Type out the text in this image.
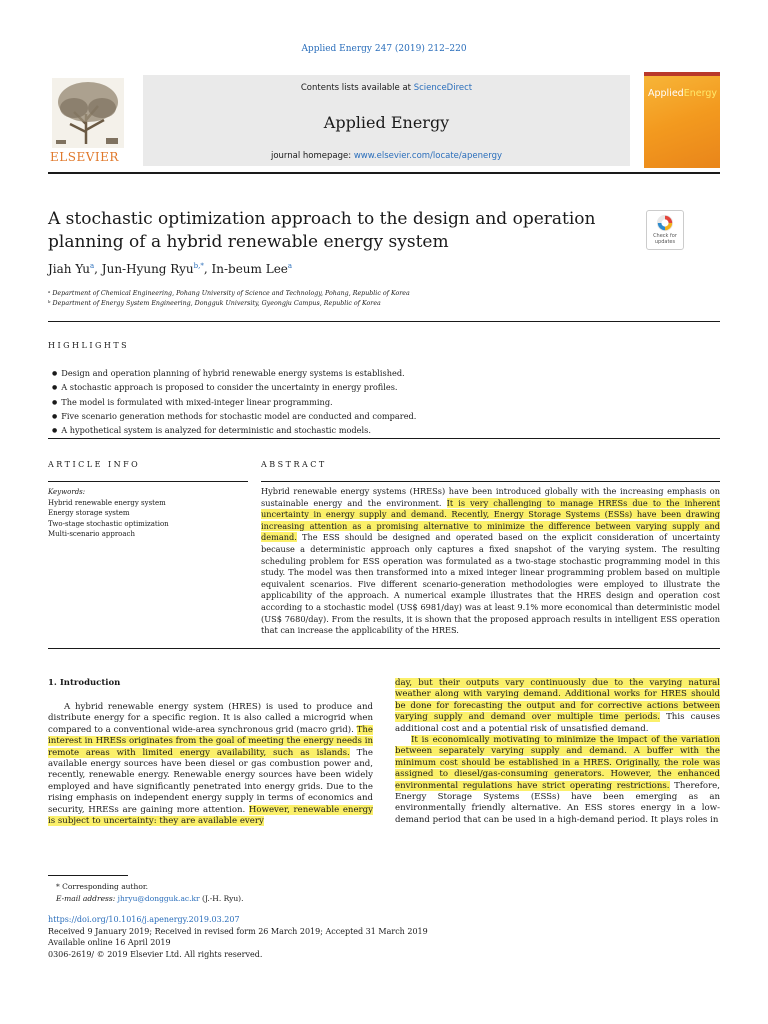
Applied Energy 247 (2019) 212–220
ELSEVIER
Contents lists available at ScienceDirect
Applied Energy
journal homepage: www.elsevier.com/locate/apenergy
AppliedEnergy
A stochastic optimization approach to the design and operation planning of a hybrid renewable energy system	Check for updates
Jiah Yu$^a$, Jun-Hyung Ryu$^{b,*}$, In-beum Lee$^a$
ᵃ Department of Chemical Engineering, Pohang University of Science and Technology, Pohang, Republic of Korea
ᵇ Department of Energy System Engineering, Dongguk University, Gyeongju Campus, Republic of Korea
HIGHLIGHTS
● Design and operation planning of hybrid renewable energy systems is established.
● A stochastic approach is proposed to consider the uncertainty in energy profiles.
● The model is formulated with mixed-integer linear programming.
● Five scenario generation methods for stochastic model are conducted and compared.
● A hypothetical system is analyzed for deterministic and stochastic models.
ARTICLE INFO	ABSTRACT
Keywords:
Hybrid renewable energy system
Energy storage system
Two-stage stochastic optimization
Multi-scenario approach
Hybrid renewable energy systems (HRESs) have been introduced globally with the increasing emphasis on sustainable energy and the environment. It is very challenging to manage HRESs due to the inherent uncertainty in energy supply and demand. Recently, Energy Storage Systems (ESSs) have been drawing increasing attention as a promising alternative to minimize the difference between varying supply and demand. The ESS should be designed and operated based on the explicit consideration of uncertainty because a deterministic approach only captures a fixed snapshot of the varying system. The resulting scheduling problem for ESS operation was formulated as a two-stage stochastic programming model in this study. The model was then transformed into a mixed integer linear programming problem based on multiple equivalent scenarios. Five different scenario-generation methodologies were employed to illustrate the applicability of the approach. A numerical example illustrates that the HRES design and operation cost according to a stochastic model (US$ 6981/day) was at least 9.1% more economical than deterministic model (US$ 7680/day). From the results, it is shown that the proposed approach results in intelligent ESS operation that can increase the applicability of the HRES.
1. Introduction

A hybrid renewable energy system (HRES) is used to produce and distribute energy for a specific region. It is also called a microgrid when compared to a conventional wide-area synchronous grid (macro grid). The interest in HRESs originates from the goal of meeting the energy needs in remote areas with limited energy availability, such as islands. The available energy sources have been diesel or gas combustion power and, recently, renewable energy. Renewable energy sources have been widely employed and have significantly penetrated into energy grids. Due to the rising emphasis on independent energy supply in terms of economics and security, HRESs are gaining more attention. However, renewable energy is subject to uncertainty: they are available every

day, but their outputs vary continuously due to the varying natural weather along with varying demand. Additional works for HRES should be done for forecasting the output and for corrective actions between varying supply and demand over multiple time periods. This causes additional cost and a potential risk of unsatisfied demand.

It is economically motivating to minimize the impact of the variation between separately varying supply and demand. A buffer with the minimum cost should be established in a HRES. Originally, the role was assigned to diesel/gas-consuming generators. However, the enhanced environmental regulations have strict operating restrictions. Therefore, Energy Storage Systems (ESSs) have been emerging as an environmentally friendly alternative. An ESS stores energy in a low-demand period that can be used in a high-demand period. It plays roles in

* Corresponding author.
E-mail address: jhryu@dongguk.ac.kr (J.-H. Ryu).
https://doi.org/10.1016/j.apenergy.2019.03.207
Received 9 January 2019; Received in revised form 26 March 2019; Accepted 31 March 2019
Available online 16 April 2019
0306-2619/ © 2019 Elsevier Ltd. All rights reserved.
